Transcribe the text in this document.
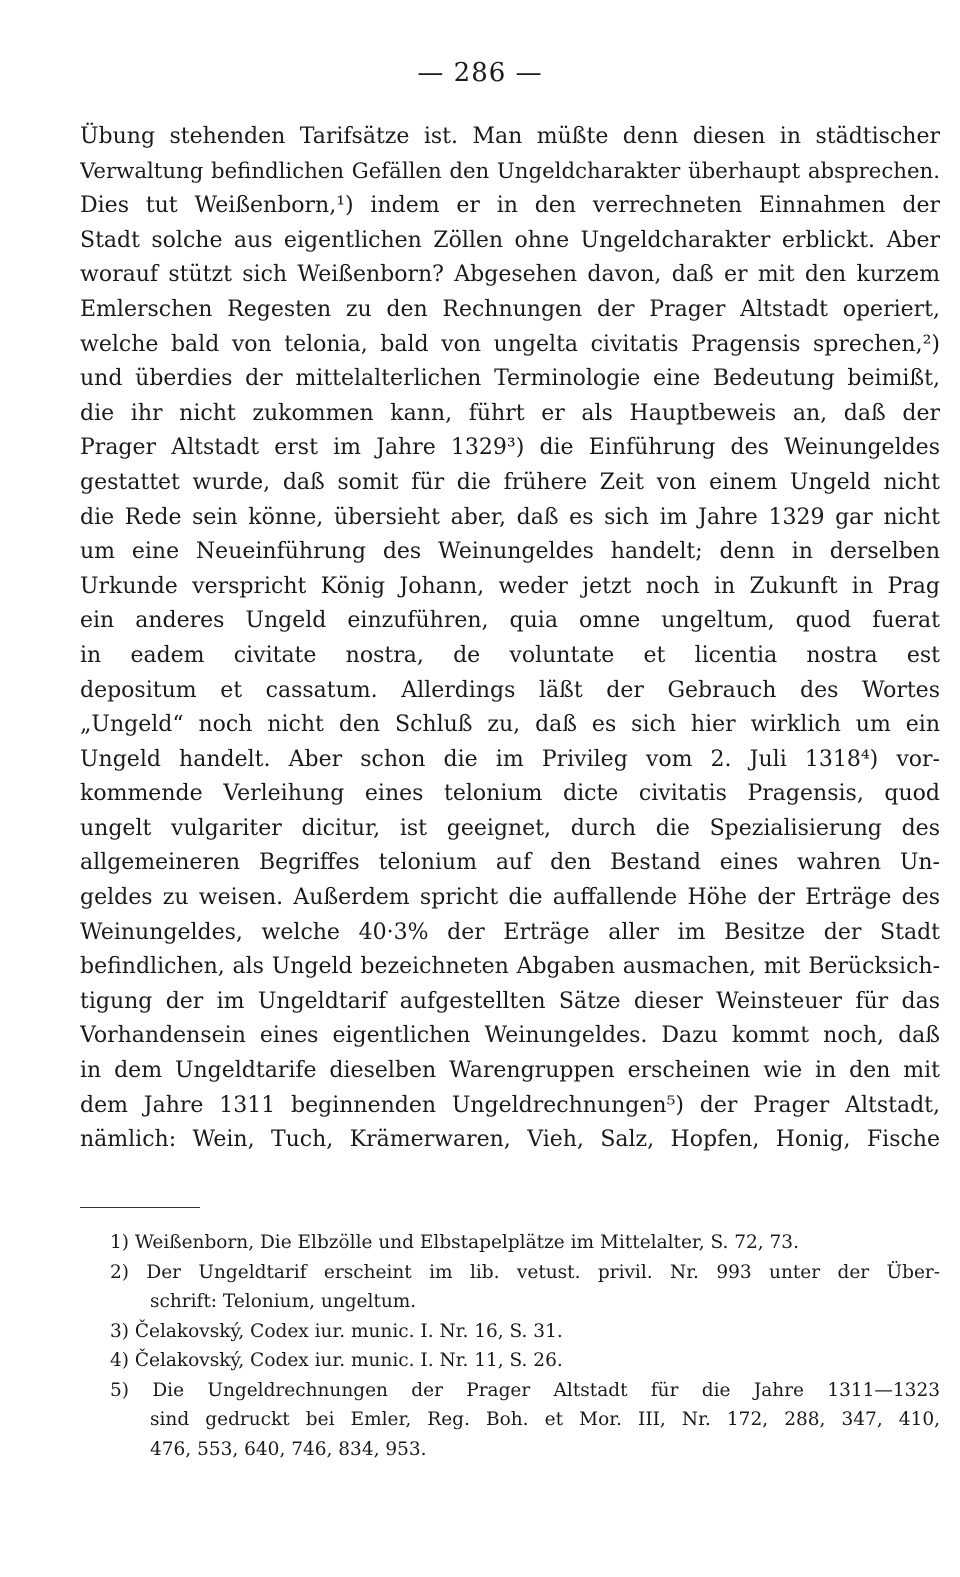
— 286 —
Übung stehenden Tarifsätze ist. Man müßte denn diesen in städtischer
Verwaltung befindlichen Gefällen den Ungeldcharakter überhaupt absprechen.
Dies tut Weißenborn,¹) indem er in den verrechneten Einnahmen der
Stadt solche aus eigentlichen Zöllen ohne Ungeldcharakter erblickt. Aber
worauf stützt sich Weißenborn? Abgesehen davon, daß er mit den kurzem
Emlerschen Regesten zu den Rechnungen der Prager Altstadt operiert,
welche bald von telonia, bald von ungelta civitatis Pragensis sprechen,²)
und überdies der mittelalterlichen Terminologie eine Bedeutung beimißt,
die ihr nicht zukommen kann, führt er als Hauptbeweis an, daß der
Prager Altstadt erst im Jahre 1329³) die Einführung des Weinungeldes
gestattet wurde, daß somit für die frühere Zeit von einem Ungeld nicht
die Rede sein könne, übersieht aber, daß es sich im Jahre 1329 gar nicht
um eine Neueinführung des Weinungeldes handelt; denn in derselben
Urkunde verspricht König Johann, weder jetzt noch in Zukunft in Prag
ein anderes Ungeld einzuführen, quia omne ungeltum, quod fuerat
in eadem civitate nostra, de voluntate et licentia nostra est
depositum et cassatum. Allerdings läßt der Gebrauch des Wortes
„Ungeld“ noch nicht den Schluß zu, daß es sich hier wirklich um ein
Ungeld handelt. Aber schon die im Privileg vom 2. Juli 1318⁴) vor-
kommende Verleihung eines telonium dicte civitatis Pragensis, quod
ungelt vulgariter dicitur, ist geeignet, durch die Spezialisierung des
allgemeineren Begriffes telonium auf den Bestand eines wahren Un-
geldes zu weisen. Außerdem spricht die auffallende Höhe der Erträge des
Weinungeldes, welche 40·3% der Erträge aller im Besitze der Stadt
befindlichen, als Ungeld bezeichneten Abgaben ausmachen, mit Berücksich-
tigung der im Ungeldtarif aufgestellten Sätze dieser Weinsteuer für das
Vorhandensein eines eigentlichen Weinungeldes. Dazu kommt noch, daß
in dem Ungeldtarife dieselben Warengruppen erscheinen wie in den mit
dem Jahre 1311 beginnenden Ungeldrechnungen⁵) der Prager Altstadt,
nämlich: Wein, Tuch, Krämerwaren, Vieh, Salz, Hopfen, Honig, Fische
1) Weißenborn, Die Elbzölle und Elbstapelplätze im Mittelalter, S. 72, 73.
2) Der Ungeldtarif erscheint im lib. vetust. privil. Nr. 993 unter der Über-
schrift: Telonium, ungeltum.
3) Čelakovský, Codex iur. munic. I. Nr. 16, S. 31.
4) Čelakovský, Codex iur. munic. I. Nr. 11, S. 26.
5) Die Ungeldrechnungen der Prager Altstadt für die Jahre 1311—1323
sind gedruckt bei Emler, Reg. Boh. et Mor. III, Nr. 172, 288, 347, 410,
476, 553, 640, 746, 834, 953.
